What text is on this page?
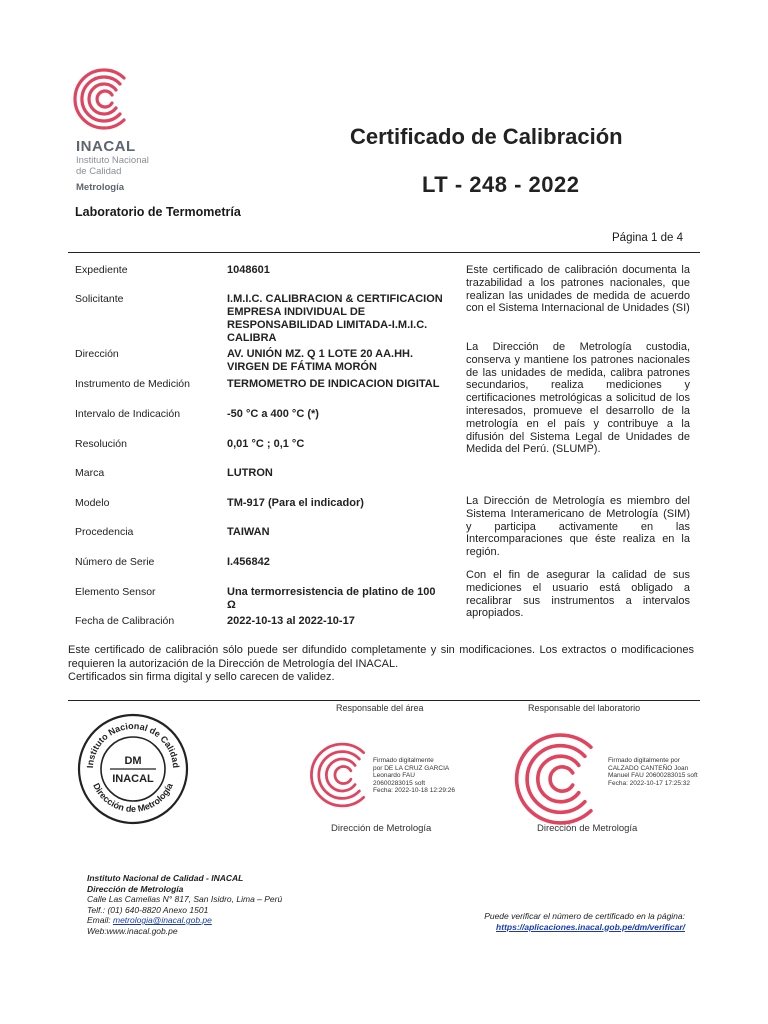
INACAL
Instituto Nacional
de Calidad
Metrología
Laboratorio de Termometría
Certificado de Calibración
LT - 248 - 2022
Página 1 de 4
Expediente	1048601
Solicitante	I.M.I.C. CALIBRACION & CERTIFICACION EMPRESA INDIVIDUAL DE RESPONSABILIDAD LIMITADA-I.M.I.C. CALIBRA
Dirección	AV. UNIÓN MZ. Q 1 LOTE 20 AA.HH. VIRGEN DE FÁTIMA MORÓN
Instrumento de Medición	TERMOMETRO DE INDICACION DIGITAL
Intervalo de Indicación	-50 °C a 400 °C (*)
Resolución	0,01 °C ; 0,1 °C
Marca	LUTRON
Modelo	TM-917 (Para el indicador)
Procedencia	TAIWAN
Número de Serie	I.456842
Elemento Sensor	Una termorresistencia de platino de 100 Ω
Fecha de Calibración	2022-10-13 al 2022-10-17
Este certificado de calibración documenta la trazabilidad a los patrones nacionales, que realizan las unidades de medida de acuerdo con el Sistema Internacional de Unidades (SI)
La Dirección de Metrología custodia, conserva y mantiene los patrones nacionales de las unidades de medida, calibra patrones secundarios, realiza mediciones y certificaciones metrológicas a solicitud de los interesados, promueve el desarrollo de la metrología en el país y contribuye a la difusión del Sistema Legal de Unidades de Medida del Perú. (SLUMP).
La Dirección de Metrología es miembro del Sistema Interamericano de Metrología (SIM) y participa activamente en las Intercomparaciones que éste realiza en la región.
Con el fin de asegurar la calidad de sus mediciones el usuario está obligado a recalibrar sus instrumentos a intervalos apropiados.
Este certificado de calibración sólo puede ser difundido completamente y sin modificaciones. Los extractos o modificaciones requieren la autorización de la Dirección de Metrología del INACAL.
Certificados sin firma digital y sello carecen de validez.
Instituto Nacional de Calidad
Dirección de Metrología
DM
INACAL
Responsable del área
Firmado digitalmente
por DE LA CRUZ GARCIA
Leonardo FAU
20600283015 soft
Fecha: 2022-10-18 12:29:26
Dirección de Metrología
Responsable del laboratorio
Firmado digitalmente por
CALZADO CANTEÑO Joan
Manuel FAU 20600283015 soft
Fecha: 2022-10-17 17:25:32
Dirección de Metrología
Instituto Nacional de Calidad - INACAL
Dirección de Metrología
Calle Las Camelias N° 817, San Isidro, Lima – Perú
Telf.: (01) 640-8820 Anexo 1501
Email: metrologia@inacal.gob.pe
Web:www.inacal.gob.pe
Puede verificar el número de certificado en la página:
https://aplicaciones.inacal.gob.pe/dm/verificar/
